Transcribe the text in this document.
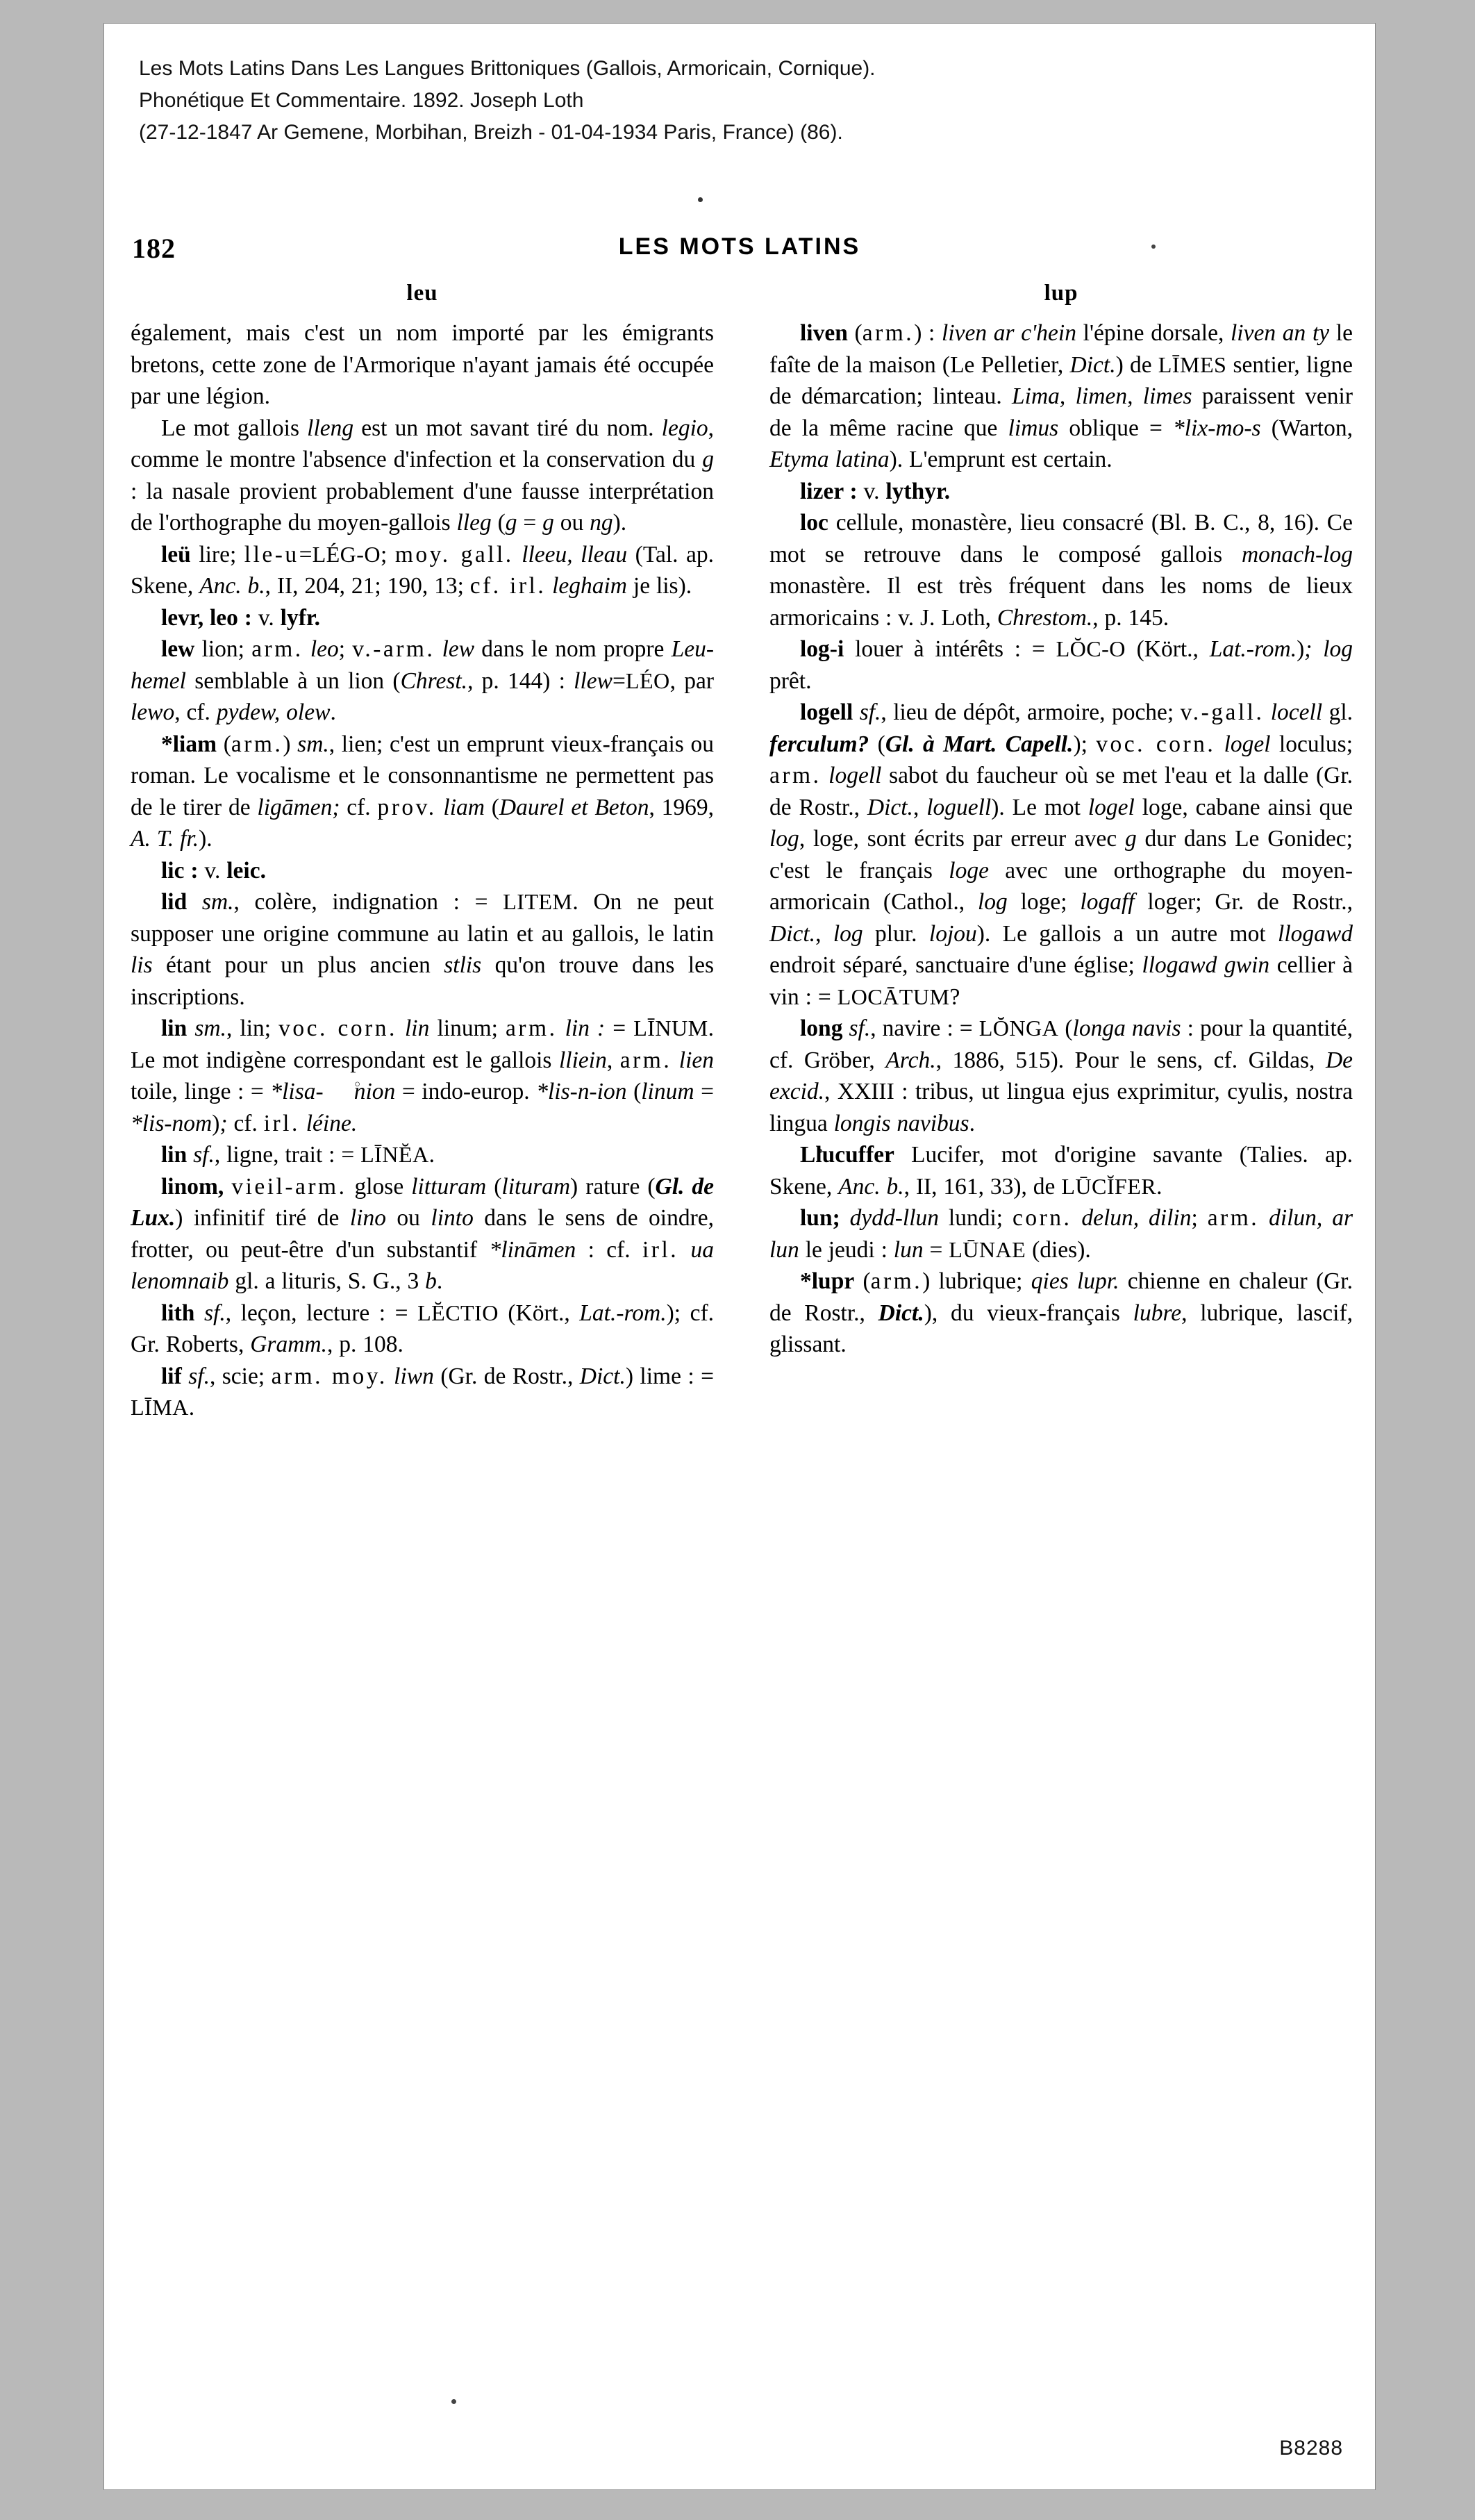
Les Mots Latins Dans Les Langues Brittoniques (Gallois, Armoricain, Cornique).
Phonétique Et Commentaire. 1892. Joseph Loth
(27-12-1847 Ar Gemene, Morbihan, Breizh - 01-04-1934 Paris, France) (86).
182	LES MOTS LATINS
leu

également, mais c'est un nom importé par les émigrants bretons, cette zone de l'Armorique n'ayant jamais été occupée par une légion.

Le mot gallois lleng est un mot savant tiré du nom. legio, comme le montre l'absence d'infection et la conservation du g : la nasale provient probablement d'une fausse interprétation de l'orthographe du moyen-gallois lleg (g = g ou ng).

leü lire; lle-u=LÉG-O; moy. gall. lleeu, lleau (Tal. ap. Skene, Anc. b., II, 204, 21; 190, 13; cf. irl. leghaim je lis).

levr, leo : v. lyfr.

lew lion; arm. leo; v.-arm. lew dans le nom propre Leu-hemel semblable à un lion (Chrest., p. 144) : llew=LÉO, par lewo, cf. pydew, olew.

*liam (arm.) sm., lien; c'est un emprunt vieux-français ou roman. Le vocalisme et le consonnantisme ne permettent pas de le tirer de ligāmen; cf. prov. liam (Daurel et Beton, 1969, A. T. fr.).

lic : v. leic.

lid sm., colère, indignation : = LITEM. On ne peut supposer une origine commune au latin et au gallois, le latin lis étant pour un plus ancien stlis qu'on trouve dans les inscriptions.

lin sm., lin; voc. corn. lin linum; arm. lin : = LĪNUM. Le mot indigène correspondant est le gallois lliein, arm. lien toile, linge : = *lisa- n ○ion = indo-europ. *lis-n-ion (linum = *lis-nom); cf. irl. léine.

lin sf., ligne, trait : = LĪNĔA.

linom, vieil-arm. glose litturam (lituram) rature (Gl. de Lux.) infinitif tiré de lino ou linto dans le sens de oindre, frotter, ou peut-être d'un substantif *lināmen : cf. irl. ua lenomnaib gl. a lituris, S. G., 3 b.

lith sf., leçon, lecture : = LĔCTIO (Kört., Lat.-rom.); cf. Gr. Roberts, Gramm., p. 108.

lif sf., scie; arm. moy. liwn (Gr. de Rostr., Dict.) lime : = LĪMA.

lup

liven (arm.) : liven ar c'hein l'épine dorsale, liven an ty le faîte de la maison (Le Pelletier, Dict.) de LĪMES sentier, ligne de démarcation; linteau. Lima, limen, limes paraissent venir de la même racine que limus oblique = *lix-mo-s (Warton, Etyma latina). L'emprunt est certain.

lizer : v. lythyr.

loc cellule, monastère, lieu consacré (Bl. B. C., 8, 16). Ce mot se retrouve dans le composé gallois monach-log monastère. Il est très fréquent dans les noms de lieux armoricains : v. J. Loth, Chrestom., p. 145.

log-i louer à intérêts : = LŎC-O (Kört., Lat.-rom.); log prêt.

logell sf., lieu de dépôt, armoire, poche; v.-gall. locell gl. ferculum? (Gl. à Mart. Capell.); voc. corn. logel loculus; arm. logell sabot du faucheur où se met l'eau et la dalle (Gr. de Rostr., Dict., loguell). Le mot logel loge, cabane ainsi que log, loge, sont écrits par erreur avec g dur dans Le Gonidec; c'est le français loge avec une orthographe du moyen-armoricain (Cathol., log loge; logaff loger; Gr. de Rostr., Dict., log plur. lojou). Le gallois a un autre mot llogawd endroit séparé, sanctuaire d'une église; llogawd gwin cellier à vin : = LOCĀTUM?

long sf., navire : = LŎNGA (longa navis : pour la quantité, cf. Gröber, Arch., 1886, 515). Pour le sens, cf. Gildas, De excid., XXIII : tribus, ut lingua ejus exprimitur, cyulis, nostra lingua longis navibus.

Llucuffer Lucifer, mot d'origine savante (Talies. ap. Skene, Anc. b., II, 161, 33), de LŪCĬFER.

lun; dydd-llun lundi; corn. delun, dilin; arm. dilun, ar lun le jeudi : lun = LŪNAE (dies).

*lupr (arm.) lubrique; qies lupr. chienne en chaleur (Gr. de Rostr., Dict.), du vieux-français lubre, lubrique, lascif, glissant.

B8288
